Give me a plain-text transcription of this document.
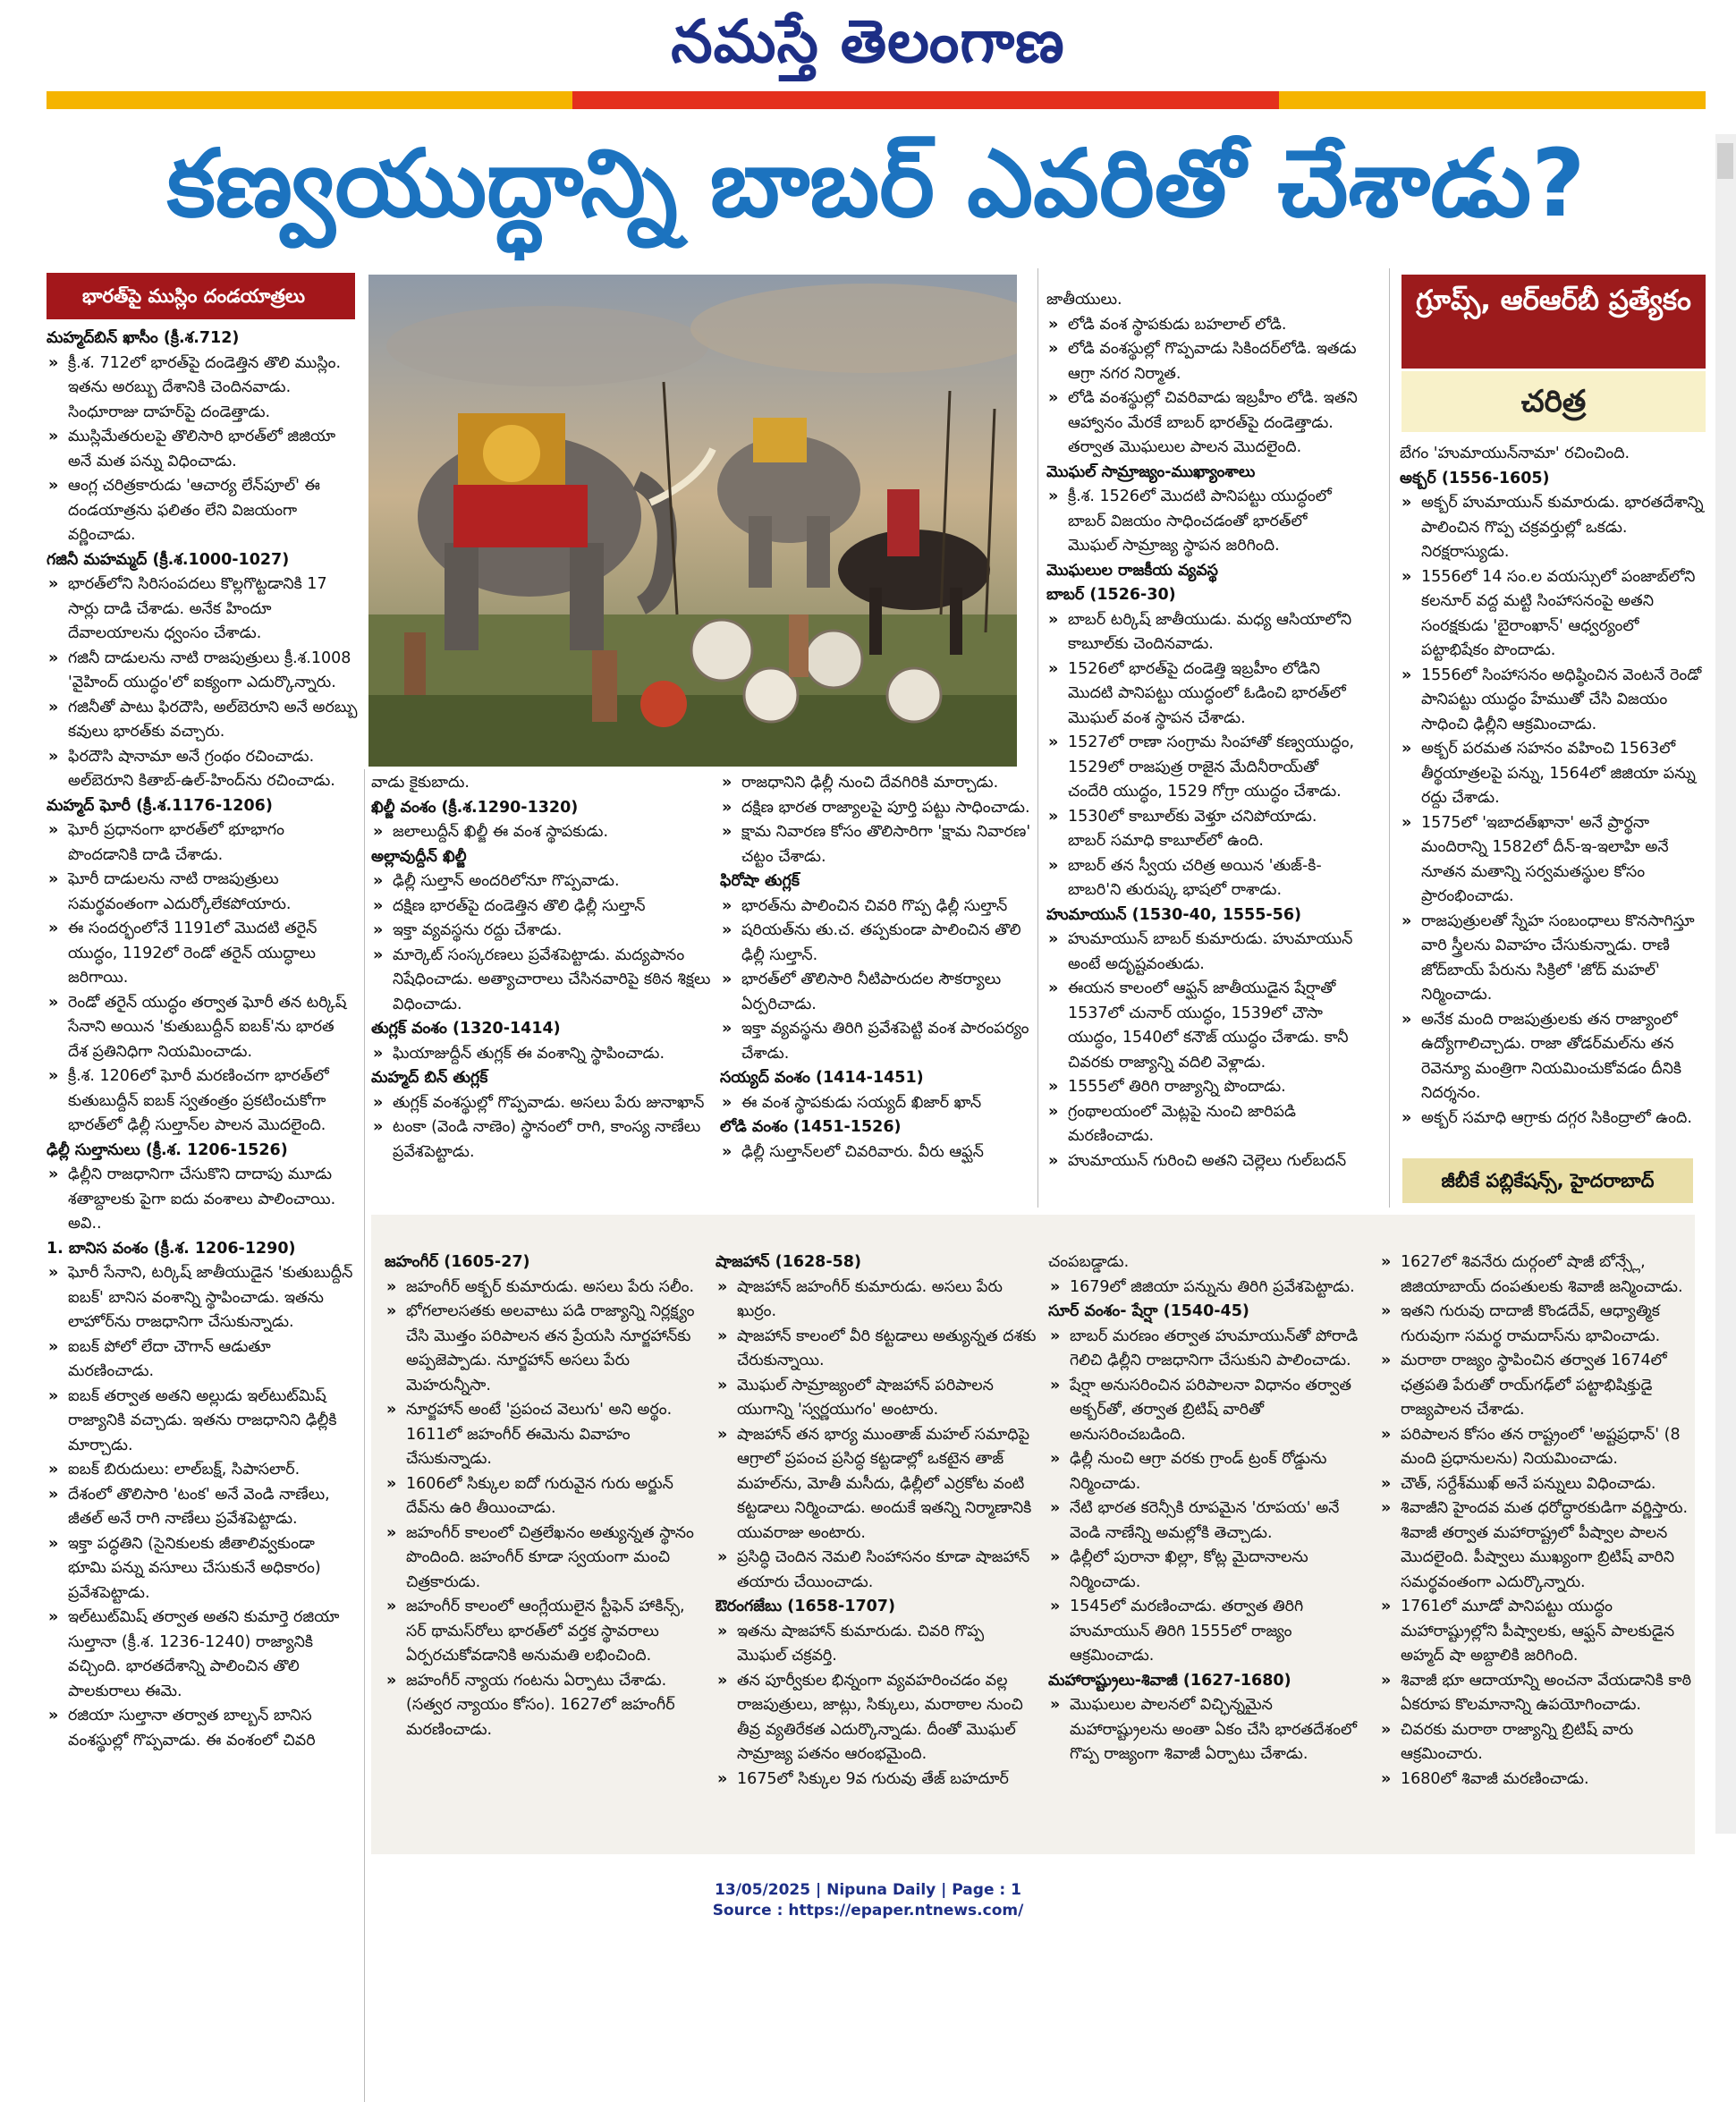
నమస్తే తెలంగాణ
కణ్వయుద్ధాన్ని బాబర్ ఎవరితో చేశాడు?
భారత్‌పై ముస్లిం దండయాత్రలు	గ్రూప్స్, ఆర్ఆర్‌బీ ప్రత్యేకం
చరిత్ర

మహ్మద్‌బిన్ ఖాసీం (క్రీ.శ.712)

» క్రీ.శ. 712లో భారత్‌పై దండెత్తిన తొలి ముస్లిం. ఇతను అరబ్బు దేశానికి చెందినవాడు. సింధూరాజు దాహర్‌పై దండెత్తాడు.

» ముస్లిమేతరులపై తొలిసారి భారత్‌లో జిజియా అనే మత పన్ను విధించాడు.

» ఆంగ్ల చరిత్రకారుడు 'ఆచార్య లేన్‌పూల్' ఈ దండయాత్రను ఫలితం లేని విజయంగా వర్ణించాడు.

గజినీ మహమ్మద్ (క్రీ.శ.1000-1027)

» భారత్‌లోని సిరిసంపదలు కొల్లగొట్టడానికి 17 సార్లు దాడి చేశాడు. అనేక హిందూ దేవాలయాలను ధ్వంసం చేశాడు.

» గజినీ దాడులను నాటి రాజపుత్రులు క్రీ.శ.1008 'వైహింద్ యుద్ధం'లో ఐక్యంగా ఎదుర్కొన్నారు.

» గజినీతో పాటు ఫిరదౌసి, అల్‌బెరూని అనే అరబ్బు కవులు భారత్‌కు వచ్చారు.

» ఫిరదౌసి షానామా అనే గ్రంథం రచించాడు. అల్‌బెరూని కితాబ్-ఉల్-హింద్‌ను రచించాడు.

మహ్మద్ ఘోరీ (క్రీ.శ.1176-1206)

» ఘోరీ ప్రధానంగా భారత్‌లో భూభాగం పొందడానికి దాడి చేశాడు.

» ఘోరీ దాడులను నాటి రాజపుత్రులు సమర్థవంతంగా ఎదుర్కోలేకపోయారు.

» ఈ సందర్భంలోనే 1191లో మొదటి తరైన్ యుద్ధం, 1192లో రెండో తరైన్ యుద్ధాలు జరిగాయి.

» రెండో తరైన్ యుద్ధం తర్వాత ఘోరీ తన టర్కిష్ సేనాని అయిన 'కుతుబుద్దీన్ ఐబక్'ను భారత దేశ ప్రతినిధిగా నియమించాడు.

» క్రీ.శ. 1206లో ఘోరీ మరణించగా భారత్‌లో కుతుబుద్దీన్ ఐబక్ స్వతంత్రం ప్రకటించుకోగా భారత్‌లో ఢిల్లీ సుల్తాన్‌ల పాలన మొదలైంది.

ఢిల్లీ సుల్తానులు (క్రీ.శ. 1206-1526)

» ఢిల్లీని రాజధానిగా చేసుకొని దాదాపు మూడు శతాబ్దాలకు పైగా ఐదు వంశాలు పాలించాయి. అవి..

1. బానిస వంశం (క్రీ.శ. 1206-1290)

» ఘోరీ సేనాని, టర్కిష్ జాతీయుడైన 'కుతుబుద్దీన్ ఐబక్' బానిస వంశాన్ని స్థాపించాడు. ఇతను లాహోర్‌ను రాజధానిగా చేసుకున్నాడు.

» ఐబక్ పోలో లేదా చౌగాన్ ఆడుతూ మరణించాడు.

» ఐబక్ తర్వాత అతని అల్లుడు ఇల్‌టుట్‌మిష్ రాజ్యానికి వచ్చాడు. ఇతను రాజధానిని ఢిల్లీకి మార్చాడు.

» ఐబక్ బిరుదులు: లాల్‌బక్ష్, సిపాసలార్.

» దేశంలో తొలిసారి 'టంక' అనే వెండి నాణేలు, జీతల్ అనే రాగి నాణేలు ప్రవేశపెట్టాడు.

» ఇక్తా పద్ధతిని (సైనికులకు జీతాలివ్వకుండా భూమి పన్ను వసూలు చేసుకునే అధికారం) ప్రవేశపెట్టాడు.

» ఇల్‌టుట్‌మిష్ తర్వాత అతని కుమార్తె రజియా సుల్తానా (క్రీ.శ. 1236-1240) రాజ్యానికి వచ్చింది. భారతదేశాన్ని పాలించిన తొలి పాలకురాలు ఈమె.

» రజియా సుల్తానా తర్వాత బాల్బన్ బానిస వంశస్థుల్లో గొప్పవాడు. ఈ వంశంలో చివరి

వాడు కైకుబాదు.

ఖిల్జీ వంశం (క్రీ.శ.1290-1320)

» జలాలుద్దీన్ ఖిల్జీ ఈ వంశ స్థాపకుడు.

అల్లావుద్దీన్ ఖిల్జీ

» ఢిల్లీ సుల్తాన్ అందరిలోనూ గొప్పవాడు.

» దక్షిణ భారత్‌పై దండెత్తిన తొలి ఢిల్లీ సుల్తాన్

» ఇక్తా వ్యవస్థను రద్దు చేశాడు.

» మార్కెట్ సంస్కరణలు ప్రవేశపెట్టాడు. మద్యపానం నిషేధించాడు. అత్యాచారాలు చేసినవారిపై కఠిన శిక్షలు విధించాడు.

తుగ్లక్ వంశం (1320-1414)

» ఘియాజుద్దీన్ తుగ్లక్ ఈ వంశాన్ని స్థాపించాడు.

మహ్మద్ బిన్ తుగ్లక్

» తుగ్లక్ వంశస్థుల్లో గొప్పవాడు. అసలు పేరు జునాఖాన్

» టంకా (వెండి నాణెం) స్థానంలో రాగి, కాంస్య నాణేలు ప్రవేశపెట్టాడు.

» రాజధానిని ఢిల్లీ నుంచి దేవగిరికి మార్చాడు.

» దక్షిణ భారత రాజ్యాలపై పూర్తి పట్టు సాధించాడు.

» క్షామ నివారణ కోసం తొలిసారిగా 'క్షామ నివారణ' చట్టం చేశాడు.

ఫిరోషా తుగ్లక్

» భారత్‌ను పాలించిన చివరి గొప్ప ఢిల్లీ సుల్తాన్

» షరియత్‌ను తు.చ. తప్పకుండా పాలించిన తొలి ఢిల్లీ సుల్తాన్.

» భారత్‌లో తొలిసారి నీటిపారుదల సౌకర్యాలు ఏర్పరిచాడు.

» ఇక్తా వ్యవస్థను తిరిగి ప్రవేశపెట్టి వంశ పారంపర్యం చేశాడు.

సయ్యద్ వంశం (1414-1451)

» ఈ వంశ స్థాపకుడు సయ్యద్ ఖిజార్ ఖాన్

లోడి వంశం (1451-1526)

» ఢిల్లీ సుల్తాన్‌లలో చివరివారు. వీరు ఆఫ్ఘన్

జాతీయులు.

» లోడి వంశ స్థాపకుడు బహలాల్ లోడి.

» లోడి వంశస్థుల్లో గొప్పవాడు సికిందర్‌లోడి. ఇతడు ఆగ్రా నగర నిర్మాత.

» లోడి వంశస్థుల్లో చివరివాడు ఇబ్రహీం లోడి. ఇతని ఆహ్వానం మేరకే బాబర్ భారత్‌పై దండెత్తాడు. తర్వాత మొఘలుల పాలన మొదలైంది.

మొఘల్ సామ్రాజ్యం-ముఖ్యాంశాలు

» క్రీ.శ. 1526లో మొదటి పానిపట్టు యుద్ధంలో బాబర్ విజయం సాధించడంతో భారత్‌లో మొఘల్ సామ్రాజ్య స్థాపన జరిగింది.

మొఘలుల రాజకీయ వ్యవస్థ

బాబర్ (1526-30)

» బాబర్ టర్కిష్ జాతీయుడు. మధ్య ఆసియాలోని కాబూల్‌కు చెందినవాడు.

» 1526లో భారత్‌పై దండెత్తి ఇబ్రహీం లోడిని మొదటి పానిపట్టు యుద్ధంలో ఓడించి భారత్‌లో మొఘల్ వంశ స్థాపన చేశాడు.

» 1527లో రాణా సంగ్రామ సింహాతో కణ్వయుద్ధం, 1529లో రాజపుత్ర రాజైన మేదినీరాయ్‌తో చందేరి యుద్ధం, 1529 గోగ్రా యుద్ధం చేశాడు.

» 1530లో కాబూల్‌కు వెళ్తూ చనిపోయాడు. బాబర్ సమాధి కాబూల్‌లో ఉంది.

» బాబర్ తన స్వీయ చరిత్ర అయిన 'తుజ్-కి-బాబరి'ని తురుష్క భాషలో రాశాడు.

హుమాయున్ (1530-40, 1555-56)

» హుమాయున్ బాబర్ కుమారుడు. హుమాయున్ అంటే అదృష్టవంతుడు.

» ఈయన కాలంలో ఆఫ్ఘన్ జాతీయుడైన షేర్షాతో 1537లో చునార్ యుద్ధం, 1539లో చౌసా యుద్ధం, 1540లో కనౌజ్ యుద్ధం చేశాడు. కానీ చివరకు రాజ్యాన్ని వదిలి వెళ్లాడు.

» 1555లో తిరిగి రాజ్యాన్ని పొందాడు.

» గ్రంథాలయంలో మెట్లపై నుంచి జారిపడి మరణించాడు.

» హుమాయున్ గురించి అతని చెల్లెలు గుల్‌బదన్

బేగం 'హుమాయున్‌నామా' రచించింది.

అక్బర్ (1556-1605)

» అక్బర్ హుమాయున్ కుమారుడు. భారతదేశాన్ని పాలించిన గొప్ప చక్రవర్తుల్లో ఒకడు. నిరక్షరాస్యుడు.

» 1556లో 14 సం.ల వయస్సులో పంజాబ్‌లోని కలనూర్ వద్ద మట్టి సింహాసనంపై అతని సంరక్షకుడు 'బైరాంఖాన్' ఆధ్వర్యంలో పట్టాభిషేకం పొందాడు.

» 1556లో సింహాసనం అధిష్ఠించిన వెంటనే రెండో పానిపట్టు యుద్ధం హేముతో చేసి విజయం సాధించి ఢిల్లీని ఆక్రమించాడు.

» అక్బర్ పరమత సహనం వహించి 1563లో తీర్థయాత్రలపై పన్ను, 1564లో జిజియా పన్ను రద్దు చేశాడు.

» 1575లో 'ఇబాదత్‌ఖానా' అనే ప్రార్థనా మందిరాన్ని 1582లో దీన్-ఇ-ఇలాహి అనే నూతన మతాన్ని సర్వమతస్థుల కోసం ప్రారంభించాడు.

» రాజపుత్రులతో స్నేహ సంబంధాలు కొనసాగిస్తూ వారి స్త్రీలను వివాహం చేసుకున్నాడు. రాణి జోద్‌బాయ్ పేరును సిక్రిలో 'జోద్ మహల్' నిర్మించాడు.

» అనేక మంది రాజపుత్రులకు తన రాజ్యాంలో ఉద్యోగాలిచ్చాడు. రాజా తోడర్‌మల్‌ను తన రెవెన్యూ మంత్రిగా నియమించుకోవడం దీనికి నిదర్శనం.

» అక్బర్ సమాధి ఆగ్రాకు దగ్గర సికింద్రాలో ఉంది.

జీబీకే పబ్లికేషన్స్, హైదరాబాద్

జహంగీర్ (1605-27)

» జహంగీర్ అక్బర్ కుమారుడు. అసలు పేరు సలీం.

» భోగలాలసతకు అలవాటు పడి రాజ్యాన్ని నిర్లక్ష్యం చేసి మొత్తం పరిపాలన తన ప్రేయసి నూర్జహాన్‌కు అప్పజెప్పాడు. నూర్జహాన్ అసలు పేరు మెహరున్నీసా.

» నూర్జహాన్ అంటే 'ప్రపంచ వెలుగు' అని అర్థం. 1611లో జహంగీర్ ఈమెను వివాహం చేసుకున్నాడు.

» 1606లో సిక్కుల ఐదో గురువైన గురు అర్జున్ దేవ్‌ను ఉరి తీయించాడు.

» జహంగీర్ కాలంలో చిత్రలేఖనం అత్యున్నత స్థానం పొందింది. జహంగీర్ కూడా స్వయంగా మంచి చిత్రకారుడు.

» జహంగీర్ కాలంలో ఆంగ్లేయులైన స్టీఫెన్ హాకిన్స్, సర్ థామస్‌రోలు భారత్‌లో వర్తక స్థావరాలు ఏర్పరచుకోవడానికి అనుమతి లభించింది.

» జహంగీర్ న్యాయ గంటను ఏర్పాటు చేశాడు. (సత్వర న్యాయం కోసం). 1627లో జహంగీర్ మరణించాడు.

షాజహాన్ (1628-58)

» షాజహాన్ జహంగీర్ కుమారుడు. అసలు పేరు ఖుర్రం.

» షాజహాన్ కాలంలో వీరి కట్టడాలు అత్యున్నత దశకు చేరుకున్నాయి.

» మొఘల్ సామ్రాజ్యంలో షాజహాన్ పరిపాలన యుగాన్ని 'స్వర్ణయుగం' అంటారు.

» షాజహాన్ తన భార్య ముంతాజ్ మహల్ సమాధిపై ఆగ్రాలో ప్రపంచ ప్రసిద్ధ కట్టడాల్లో ఒకటైన తాజ్ మహల్‌ను, మోతీ మసీదు, ఢిల్లీలో ఎర్రకోట వంటి కట్టడాలు నిర్మించాడు. అందుకే ఇతన్ని నిర్మాణానికి యువరాజు అంటారు.

» ప్రసిద్ధి చెందిన నెమలి సింహాసనం కూడా షాజహాన్ తయారు చేయించాడు.

ఔరంగజేబు (1658-1707)

» ఇతను షాజహాన్ కుమారుడు. చివరి గొప్ప మొఘల్ చక్రవర్తి.

» తన పూర్వీకుల భిన్నంగా వ్యవహరించడం వల్ల రాజపుత్రులు, జాట్లు, సిక్కులు, మరాఠాల నుంచి తీవ్ర వ్యతిరేకత ఎదుర్కొన్నాడు. దీంతో మొఘల్ సామ్రాజ్య పతనం ఆరంభమైంది.

» 1675లో సిక్కుల 9వ గురువు తేజ్ బహదూర్

చంపబడ్డాడు.

» 1679లో జిజియా పన్నును తిరిగి ప్రవేశపెట్టాడు.

సూర్ వంశం- షేర్షా (1540-45)

» బాబర్ మరణం తర్వాత హుమాయున్‌తో పోరాడి గెలిచి ఢిల్లీని రాజధానిగా చేసుకుని పాలించాడు.

» షేర్షా అనుసరించిన పరిపాలనా విధానం తర్వాత అక్బర్‌తో, తర్వాత బ్రిటిష్ వారితో అనుసరించబడింది.

» ఢిల్లీ నుంచి ఆగ్రా వరకు గ్రాండ్ ట్రంక్ రోడ్డును నిర్మించాడు.

» నేటి భారత కరెన్సీకి రూపమైన 'రూపయ' అనే వెండి నాణేన్ని అమల్లోకి తెచ్చాడు.

» ఢిల్లీలో పురానా ఖిల్లా, కోట్ల మైదానాలను నిర్మించాడు.

» 1545లో మరణించాడు. తర్వాత తిరిగి హుమాయున్ తిరిగి 1555లో రాజ్యం ఆక్రమించాడు.

మహారాష్ట్రులు-శివాజీ (1627-1680)

» మొఘలుల పాలనలో విచ్ఛిన్నమైన మహారాష్ట్రులను అంతా ఏకం చేసి భారతదేశంలో గొప్ప రాజ్యంగా శివాజీ ఏర్పాటు చేశాడు.

» 1627లో శివనేరు దుర్గంలో షాజీ బోన్స్లే, జిజియాబాయ్ దంపతులకు శివాజీ జన్మించాడు.

» ఇతని గురువు దాదాజీ కొండదేవ్, ఆధ్యాత్మిక గురువుగా సమర్థ రామదాస్‌ను భావించాడు.

» మరాఠా రాజ్యం స్థాపించిన తర్వాత 1674లో ఛత్రపతి పేరుతో రాయ్‌గఢ్‌లో పట్టాభిషిక్తుడై రాజ్యపాలన చేశాడు.

» పరిపాలన కోసం తన రాష్ట్రంలో 'అష్టప్రధాన్' (8 మంది ప్రధానులను) నియమించాడు.

» చౌత్, సర్దేశ్‌ముఖ్ అనే పన్నులు విధించాడు.

» శివాజీని హైందవ మత ధరోద్ధారకుడిగా వర్ణిస్తారు. శివాజీ తర్వాత మహారాష్ట్రలో పీష్వాల పాలన మొదలైంది. పీష్వాలు ముఖ్యంగా బ్రిటిష్ వారిని సమర్థవంతంగా ఎదుర్కొన్నారు.

» 1761లో మూడో పానిపట్టు యుద్ధం మహారాష్ట్రుల్లోని పీష్వాలకు, ఆఫ్ఘన్ పాలకుడైన అహ్మద్ షా అబ్దాలికి జరిగింది.

» శివాజీ భూ ఆదాయాన్ని అంచనా వేయడానికి కాఠి ఏకరూప కొలమానాన్ని ఉపయోగించాడు.

» చివరకు మరాఠా రాజ్యాన్ని బ్రిటిష్ వారు ఆక్రమించారు.

» 1680లో శివాజీ మరణించాడు.

13/05/2025 | Nipuna Daily | Page : 1
Source : https://epaper.ntnews.com/
